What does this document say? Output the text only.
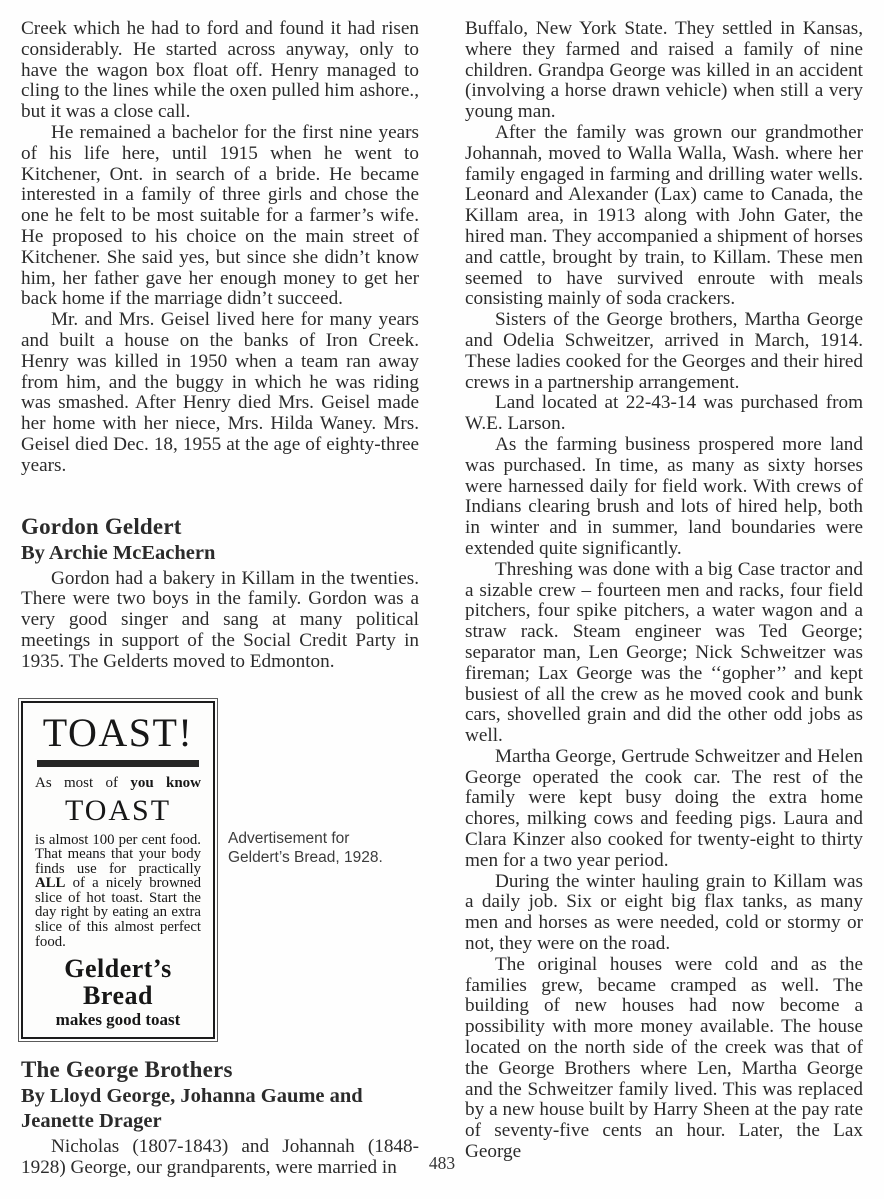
Creek which he had to ford and found it had risen considerably. He started across anyway, only to have the wagon box float off. Henry managed to cling to the lines while the oxen pulled him ashore., but it was a close call.

He remained a bachelor for the first nine years of his life here, until 1915 when he went to Kitchener, Ont. in search of a bride. He became interested in a family of three girls and chose the one he felt to be most suitable for a farmer’s wife. He proposed to his choice on the main street of Kitchener. She said yes, but since she didn’t know him, her father gave her enough money to get her back home if the marriage didn’t succeed.

Mr. and Mrs. Geisel lived here for many years and built a house on the banks of Iron Creek. Henry was killed in 1950 when a team ran away from him, and the buggy in which he was riding was smashed. After Henry died Mrs. Geisel made her home with her niece, Mrs. Hilda Waney. Mrs. Geisel died Dec. 18, 1955 at the age of eighty-three years.

Gordon Geldert
By Archie McEachern

Gordon had a bakery in Killam in the twenties. There were two boys in the family. Gordon was a very good singer and sang at many political meetings in support of the Social Credit Party in 1935. The Gelderts moved to Edmonton.

TOAST!
As most of you know
TOAST

is almost 100 per cent food. That means that your body finds use for practically ALL of a nicely browned slice of hot toast. Start the day right by eating an extra slice of this almost perfect food.

Geldert’s Bread
makes good toast
Advertisement for Geldert’s Bread, 1928.
The George Brothers
By Lloyd George, Johanna Gaume and Jeanette Drager

Nicholas (1807-1843) and Johannah (1848-1928) George, our grandparents, were married in

Buffalo, New York State. They settled in Kansas, where they farmed and raised a family of nine children. Grandpa George was killed in an accident (involving a horse drawn vehicle) when still a very young man.

After the family was grown our grandmother Johannah, moved to Walla Walla, Wash. where her family engaged in farming and drilling water wells. Leonard and Alexander (Lax) came to Canada, the Killam area, in 1913 along with John Gater, the hired man. They accompanied a shipment of horses and cattle, brought by train, to Killam. These men seemed to have survived enroute with meals consisting mainly of soda crackers.

Sisters of the George brothers, Martha George and Odelia Schweitzer, arrived in March, 1914. These ladies cooked for the Georges and their hired crews in a partnership arrangement.

Land located at 22-43-14 was purchased from W.E. Larson.

As the farming business prospered more land was purchased. In time, as many as sixty horses were harnessed daily for field work. With crews of Indians clearing brush and lots of hired help, both in winter and in summer, land boundaries were extended quite significantly.

Threshing was done with a big Case tractor and a sizable crew – fourteen men and racks, four field pitchers, four spike pitchers, a water wagon and a straw rack. Steam engineer was Ted George; separator man, Len George; Nick Schweitzer was fireman; Lax George was the ‘‘gopher’’ and kept busiest of all the crew as he moved cook and bunk cars, shovelled grain and did the other odd jobs as well.

Martha George, Gertrude Schweitzer and Helen George operated the cook car. The rest of the family were kept busy doing the extra home chores, milking cows and feeding pigs. Laura and Clara Kinzer also cooked for twenty-eight to thirty men for a two year period.

During the winter hauling grain to Killam was a daily job. Six or eight big flax tanks, as many men and horses as were needed, cold or stormy or not, they were on the road.

The original houses were cold and as the families grew, became cramped as well. The building of new houses had now become a possibility with more money available. The house located on the north side of the creek was that of the George Brothers where Len, Martha George and the Schweitzer family lived. This was replaced by a new house built by Harry Sheen at the pay rate of seventy-five cents an hour. Later, the Lax George

483
